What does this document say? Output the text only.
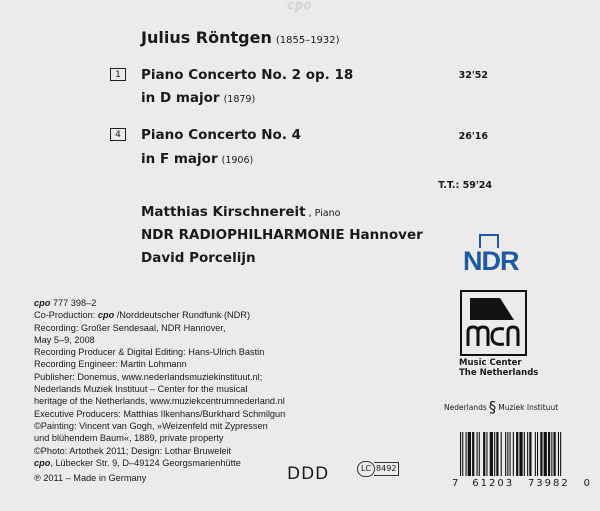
cpo
Julius Röntgen (1855–1932)
1	Piano Concerto No. 2 op. 18	32'52
in D major (1879)
4	Piano Concerto No. 4	26'16
in F major (1906)
T.T.: 59'24
Matthias Kirschnereit , Piano
NDR RADIOPHILHARMONIE Hannover
David Porcelijn
cpo 777 398–2
Co-Production: cpo /Norddeutscher Rundfunk (NDR)
Recording: Großer Sendesaal, NDR Hannover,
May 5–9, 2008
Recording Producer & Digital Editing: Hans-Ulrich Bastin
Recording Engineer: Martin Lohmann
Publisher: Donemus, www.nederlandsmuziekinstituut.nl;
Nederlands Muziek Instituut – Center for the musical
heritage of the Netherlands, www.muziekcentrumnederland.nl
Executive Producers: Matthias Ilkenhans/Burkhard Schmilgun
©Painting: Vincent van Gogh, »Weizenfeld mit Zypressen
und blühendem Baum«, 1889, private property
©Photo: Artothek 2011; Design: Lothar Bruweleit
cpo, Lübecker Str. 9, D–49124 Georgsmarienhütte
℗ 2011 – Made in Germany	DDD	LC 8492
NDR
Music Center
The Netherlands
Nederlands § Muziek Instituut
7 61203 73982 0
